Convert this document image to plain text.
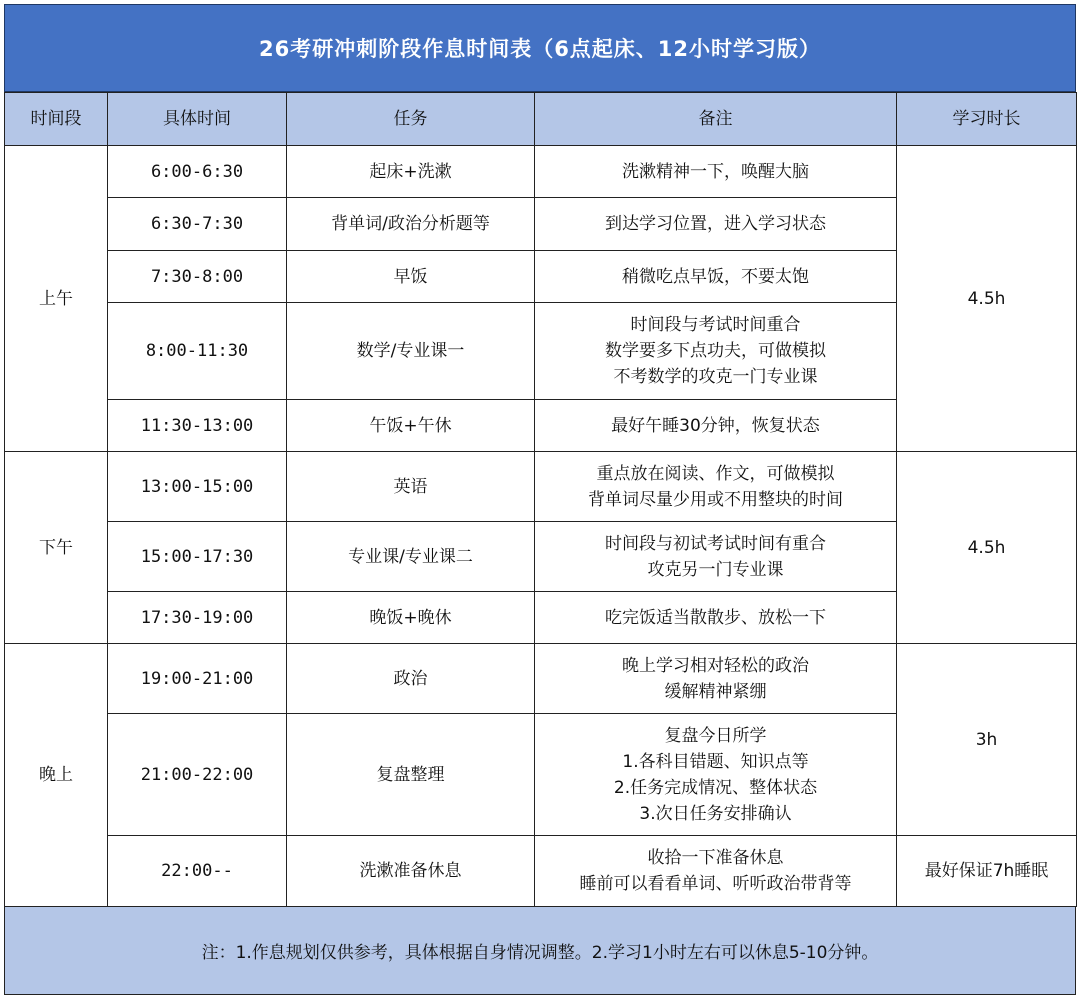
26考研冲刺阶段作息时间表（6点起床、12小时学习版）
时间段	具体时间	任务	备注	学习时长
上午	6:00-6:30	起床+洗漱	洗漱精神一下，唤醒大脑	4.5h
	6:30-7:30	背单词/政治分析题等	到达学习位置，进入学习状态	

	7:30-8:00	早饭	稍微吃点早饭，不要太饱	

	8:00-11:30	数学/专业课一	时间段与考试时间重合
数学要多下点功夫，可做模拟
不考数学的攻克一门专业课	

	11:30-13:00	午饭+午休	最好午睡30分钟，恢复状态	

下午	13:00-15:00	英语	重点放在阅读、作文，可做模拟
背单词尽量少用或不用整块的时间	4.5h
	15:00-17:30	专业课/专业课二	时间段与初试考试时间有重合
攻克另一门专业课	

	17:30-19:00	晚饭+晚休	吃完饭适当散散步、放松一下	

晚上	19:00-21:00	政治	晚上学习相对轻松的政治
缓解精神紧绷	3h
	21:00-22:00	复盘整理	复盘今日所学
1.各科目错题、知识点等
2.任务完成情况、整体状态
3.次日任务安排确认	

	22:00--	洗漱准备休息	收拾一下准备休息
睡前可以看看单词、听听政治带背等	最好保证7h睡眠
注：1.作息规划仅供参考，具体根据自身情况调整。2.学习1小时左右可以休息5-10分钟。
